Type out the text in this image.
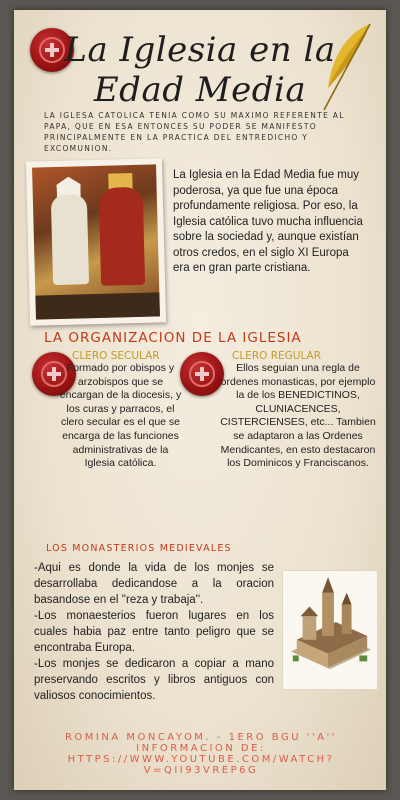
La Iglesia en la
Edad Media
LA IGLESA CATOLICA TENIA COMO SU MAXIMO REFERENTE AL PAPA, QUE EN ESA ENTONCES SU PODER SE MANIFESTO PRINCIPALMENTE EN LA PRACTICA DEL ENTREDICHO Y EXCOMUNION.
La Iglesia en la Edad Media fue muy poderosa, ya que fue una época profundamente religiosa. Por eso, la Iglesia católica tuvo mucha influencia sobre la sociedad y, aunque existían otros credos, en el siglo XI Europa era en gran parte cristiana.
LA ORGANIZACION DE LA IGLESIA
CLERO SECULAR
Formado por obispos y arzobispos que se encargan de la diocesis, y los curas y parracos, el clero secular es el que se encarga de las funciones administrativas de la Iglesia católica.
CLERO REGULAR
Ellos seguian una regla de ordenes monasticas, por ejemplo la de los BENEDICTINOS, CLUNIACENCES, CISTERCIENSES, etc... Tambien se adaptaron a las Ordenes Mendicantes, en esto destacaron los Dominicos y Franciscanos.
LOS MONASTERIOS MEDIEVALES
-Aqui es donde la vida de los monjes se desarrollaba dedicandose a la oracion basandose en el ''reza y trabaja''.
-Los monaesterios fueron lugares en los cuales habia paz entre tanto peligro que se encontraba Europa.
-Los monjes se dedicaron a copiar a mano preservando escritos y libros antiguos con valiosos conocimientos.
ROMINA MONCAYOM. - 1ERO BGU ''A''
INFORMACION DE:
HTTPS://WWW.YOUTUBE.COM/WATCH?V=QII93VREP6G
